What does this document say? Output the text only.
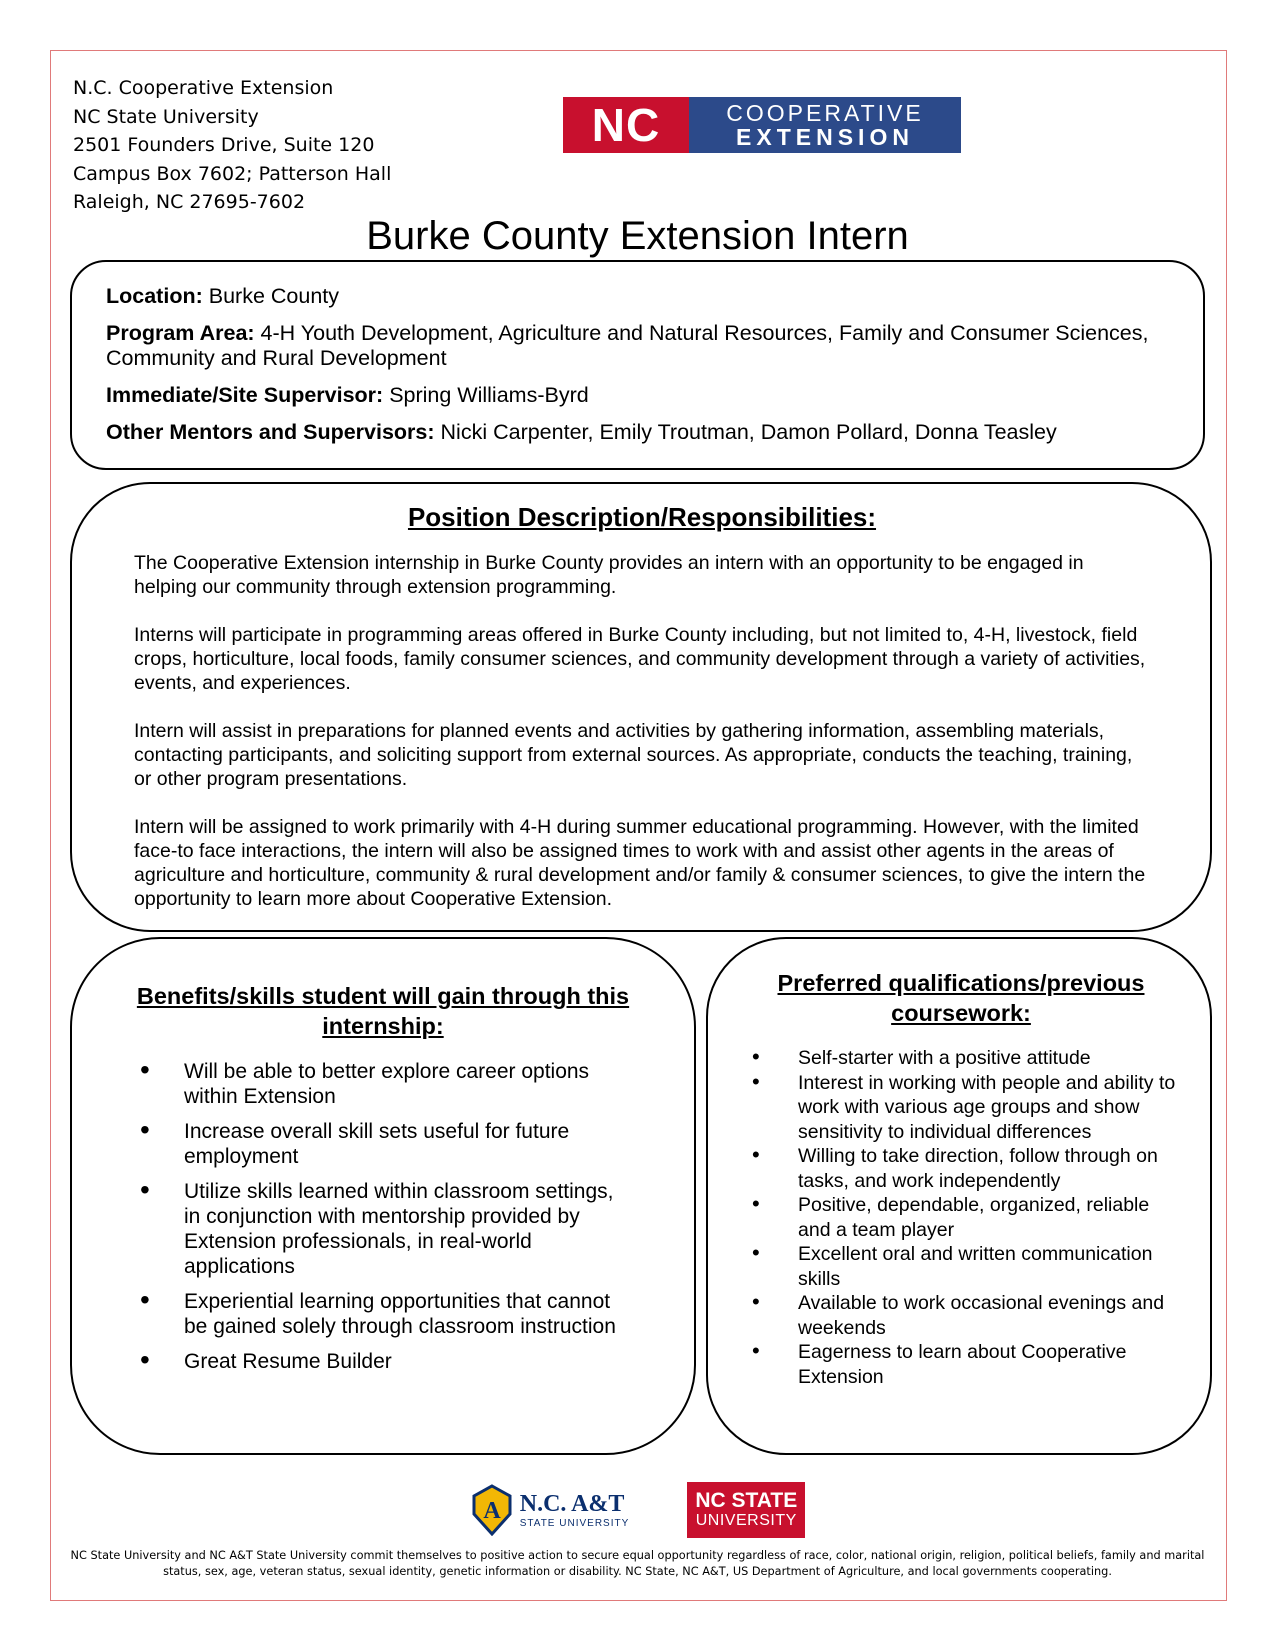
N.C. Cooperative Extension
NC State University
2501 Founders Drive, Suite 120
Campus Box 7602; Patterson Hall
Raleigh, NC 27695-7602
NC	COOPERATIVE
EXTENSION
Burke County Extension Intern

Location: Burke County

Program Area: 4-H Youth Development, Agriculture and Natural Resources, Family and Consumer Sciences, Community and Rural Development

Immediate/Site Supervisor: Spring Williams-Byrd

Other Mentors and Supervisors: Nicki Carpenter, Emily Troutman, Damon Pollard, Donna Teasley

Position Description/Responsibilities:

The Cooperative Extension internship in Burke County provides an intern with an opportunity to be engaged in helping our community through extension programming.

Interns will participate in programming areas offered in Burke County including, but not limited to, 4-H, livestock, field crops, horticulture, local foods, family consumer sciences, and community development through a variety of activities, events, and experiences.

Intern will assist in preparations for planned events and activities by gathering information, assembling materials, contacting participants, and soliciting support from external sources. As appropriate, conducts the teaching, training, or other program presentations.

Intern will be assigned to work primarily with 4-H during summer educational programming. However, with the limited face-to face interactions, the intern will also be assigned times to work with and assist other agents in the areas of agriculture and horticulture, community & rural development and/or family & consumer sciences, to give the intern the opportunity to learn more about Cooperative Extension.

Benefits/skills student will gain through this internship:
• Will be able to better explore career options within Extension
• Increase overall skill sets useful for future employment
• Utilize skills learned within classroom settings, in conjunction with mentorship provided by Extension professionals, in real-world applications
• Experiential learning opportunities that cannot be gained solely through classroom instruction
• Great Resume Builder
Preferred qualifications/previous coursework:
• Self-starter with a positive attitude
• Interest in working with people and ability to work with various age groups and show sensitivity to individual differences
• Willing to take direction, follow through on tasks, and work independently
• Positive, dependable, organized, reliable and a team player
• Excellent oral and written communication skills
• Available to work occasional evenings and weekends
• Eagerness to learn about Cooperative Extension
A N.C. A&T
STATE UNIVERSITY
NC STATE
UNIVERSITY
NC State University and NC A&T State University commit themselves to positive action to secure equal opportunity regardless of race, color, national origin, religion, political beliefs, family and marital status, sex, age, veteran status, sexual identity, genetic information or disability. NC State, NC A&T, US Department of Agriculture, and local governments cooperating.
